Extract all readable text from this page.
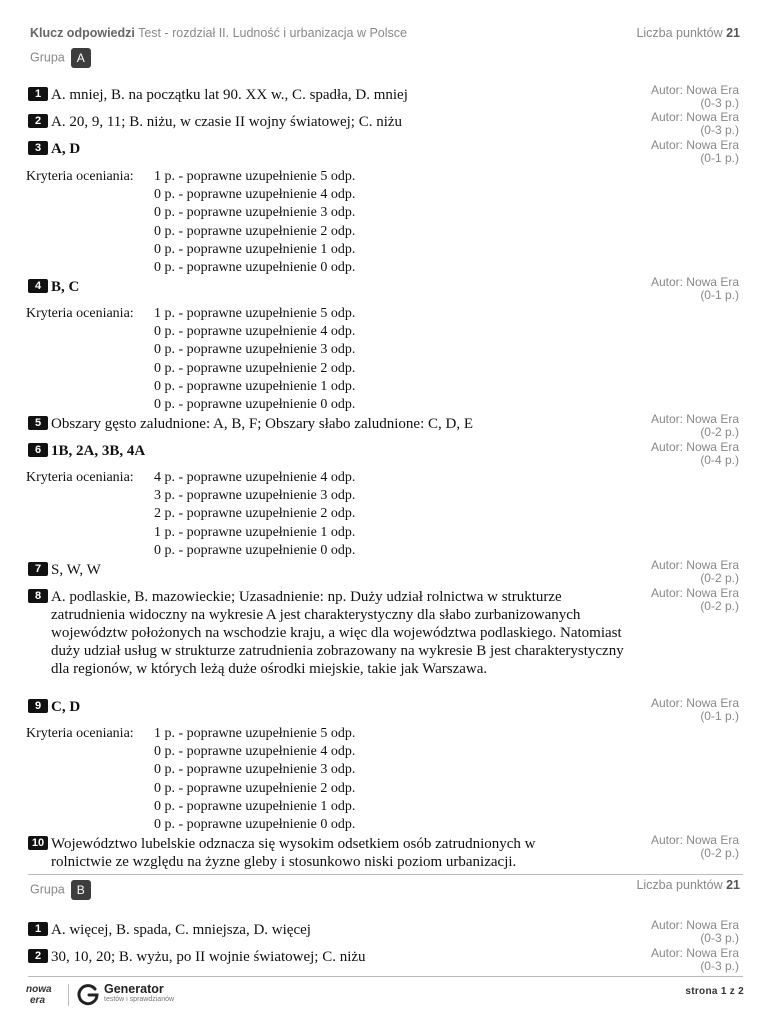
Klucz odpowiedzi Test - rozdział II. Ludność i urbanizacja w Polsce	Liczba punktów 21
Grupa A
1 A. mniej, B. na początku lat 90. XX w., C. spadła, D. mniej	Autor: Nowa Era
(0-3 p.)
2 A. 20, 9, 11; B. niżu, w czasie II wojny światowej; C. niżu	Autor: Nowa Era
(0-3 p.)
3 A, D	Autor: Nowa Era
(0-1 p.)
Kryteria oceniania: 1 p. - poprawne uzupełnienie 5 odp.
0 p. - poprawne uzupełnienie 4 odp.
0 p. - poprawne uzupełnienie 3 odp.
0 p. - poprawne uzupełnienie 2 odp.
0 p. - poprawne uzupełnienie 1 odp.
0 p. - poprawne uzupełnienie 0 odp.
4 B, C	Autor: Nowa Era
(0-1 p.)
Kryteria oceniania: 1 p. - poprawne uzupełnienie 5 odp.
0 p. - poprawne uzupełnienie 4 odp.
0 p. - poprawne uzupełnienie 3 odp.
0 p. - poprawne uzupełnienie 2 odp.
0 p. - poprawne uzupełnienie 1 odp.
0 p. - poprawne uzupełnienie 0 odp.
5 Obszary gęsto zaludnione: A, B, F; Obszary słabo zaludnione: C, D, E	Autor: Nowa Era
(0-2 p.)
6 1B, 2A, 3B, 4A	Autor: Nowa Era
(0-4 p.)
Kryteria oceniania: 4 p. - poprawne uzupełnienie 4 odp.
3 p. - poprawne uzupełnienie 3 odp.
2 p. - poprawne uzupełnienie 2 odp.
1 p. - poprawne uzupełnienie 1 odp.
0 p. - poprawne uzupełnienie 0 odp.
7 S, W, W	Autor: Nowa Era
(0-2 p.)
8 A. podlaskie, B. mazowieckie; Uzasadnienie: np. Duży udział rolnictwa w strukturze zatrudnienia widoczny na wykresie A jest charakterystyczny dla słabo zurbanizowanych województw położonych na wschodzie kraju, a więc dla województwa podlaskiego. Natomiast duży udział usług w strukturze zatrudnienia zobrazowany na wykresie B jest charakterystyczny dla regionów, w których leżą duże ośrodki miejskie, takie jak Warszawa.
Autor: Nowa Era
(0-2 p.)
9 C, D	Autor: Nowa Era
(0-1 p.)
Kryteria oceniania: 1 p. - poprawne uzupełnienie 5 odp.
0 p. - poprawne uzupełnienie 4 odp.
0 p. - poprawne uzupełnienie 3 odp.
0 p. - poprawne uzupełnienie 2 odp.
0 p. - poprawne uzupełnienie 1 odp.
0 p. - poprawne uzupełnienie 0 odp.
10 Województwo lubelskie odznacza się wysokim odsetkiem osób zatrudnionych w rolnictwie ze względu na żyzne gleby i stosunkowo niski poziom urbanizacji.
Autor: Nowa Era
(0-2 p.)
Grupa B	Liczba punktów 21
1 A. więcej, B. spada, C. mniejsza, D. więcej	Autor: Nowa Era
(0-3 p.)
2 30, 10, 20; B. wyżu, po II wojnie światowej; C. niżu	Autor: Nowa Era
(0-3 p.)
nowa
era
Generator
testów i sprawdzianów
strona 1 z 2
